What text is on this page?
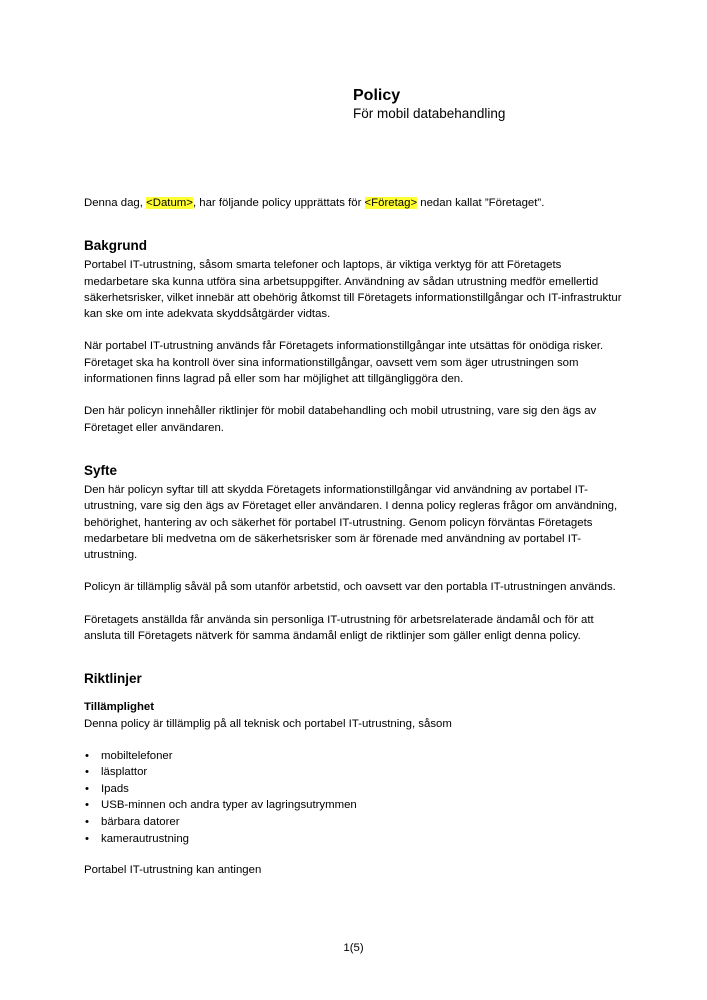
Policy

För mobil databehandling

Denna dag, <Datum>, har följande policy upprättats för <Företag> nedan kallat ”Företaget”.

Bakgrund

Portabel IT-utrustning, såsom smarta telefoner och laptops, är viktiga verktyg för att Företagets medarbetare ska kunna utföra sina arbetsuppgifter. Användning av sådan utrustning medför emellertid säkerhetsrisker, vilket innebär att obehörig åtkomst till Företagets informationstillgångar och IT-infrastruktur kan ske om inte adekvata skyddsåtgärder vidtas.

När portabel IT-utrustning används får Företagets informationstillgångar inte utsättas för onödiga risker. Företaget ska ha kontroll över sina informationstillgångar, oavsett vem som äger utrustningen som informationen finns lagrad på eller som har möjlighet att tillgängliggöra den.

Den här policyn innehåller riktlinjer för mobil databehandling och mobil utrustning, vare sig den ägs av Företaget eller användaren.

Syfte

Den här policyn syftar till att skydda Företagets informationstillgångar vid användning av portabel IT-utrustning, vare sig den ägs av Företaget eller användaren. I denna policy regleras frågor om användning, behörighet, hantering av och säkerhet för portabel IT-utrustning. Genom policyn förväntas Företagets medarbetare bli medvetna om de säkerhetsrisker som är förenade med användning av portabel IT-utrustning.

Policyn är tillämplig såväl på som utanför arbetstid, och oavsett var den portabla IT-utrustningen används.

Företagets anställda får använda sin personliga IT-utrustning för arbetsrelaterade ändamål och för att ansluta till Företagets nätverk för samma ändamål enligt de riktlinjer som gäller enligt denna policy.

Riktlinjer
Tillämplighet

Denna policy är tillämplig på all teknisk och portabel IT-utrustning, såsom

• mobiltelefoner
• läsplattor
• Ipads
• USB-minnen och andra typer av lagringsutrymmen
• bärbara datorer
• kamerautrustning

Portabel IT-utrustning kan antingen

1(5)
